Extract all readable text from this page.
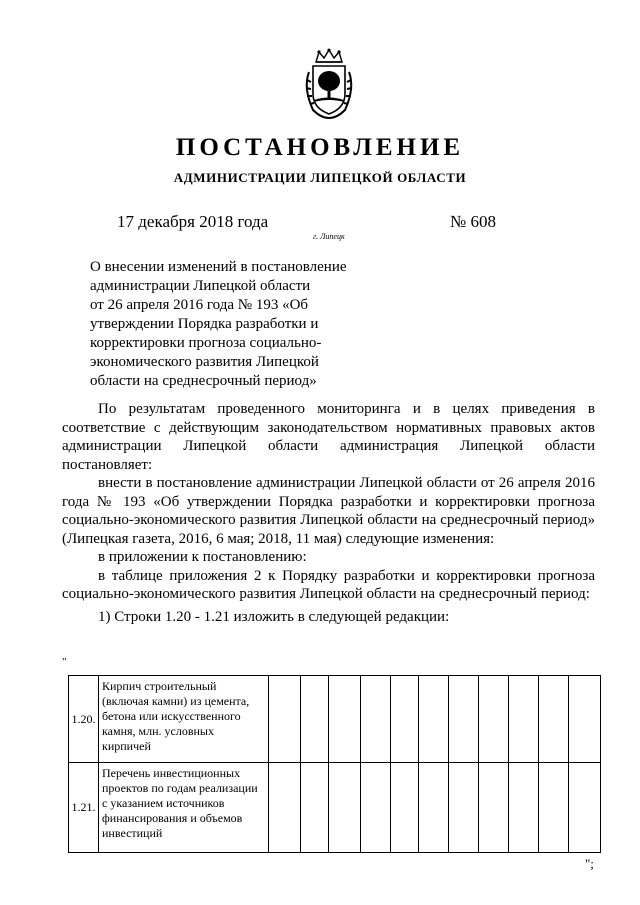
ПОСТАНОВЛЕНИЕ
АДМИНИСТРАЦИИ ЛИПЕЦКОЙ ОБЛАСТИ
17 декабря 2018 года
г. Липецк
№ 608
О внесении изменений в постановление
администрации Липецкой области
от 26 апреля 2016 года № 193 «Об
утверждении Порядка разработки и
корректировки прогноза социально-
экономического развития Липецкой
области на среднесрочный период»

По результатам проведенного мониторинга и в целях приведения в соответствие с действующим законодательством нормативных правовых актов администрации Липецкой области администрация Липецкой области постановляет:

внести в постановление администрации Липецкой области от 26 апреля 2016 года № 193 «Об утверждении Порядка разработки и корректировки прогноза социально-экономического развития Липецкой области на среднесрочный период» (Липецкая газета, 2016, 6 мая; 2018, 11 мая) следующие изменения:

в приложении к постановлению:

в таблице приложения 2 к Порядку разработки и корректировки прогноза социально-экономического развития Липецкой области на среднесрочный период:

1) Строки 1.20 - 1.21 изложить в следующей редакции:

"
1.20.	Кирпич строительный (включая камни) из цемента, бетона или искусственного камня, млн. условных кирпичей											
1.21.	Перечень инвестиционных проектов по годам реализации с указанием источников финансирования и объемов инвестиций											
";
